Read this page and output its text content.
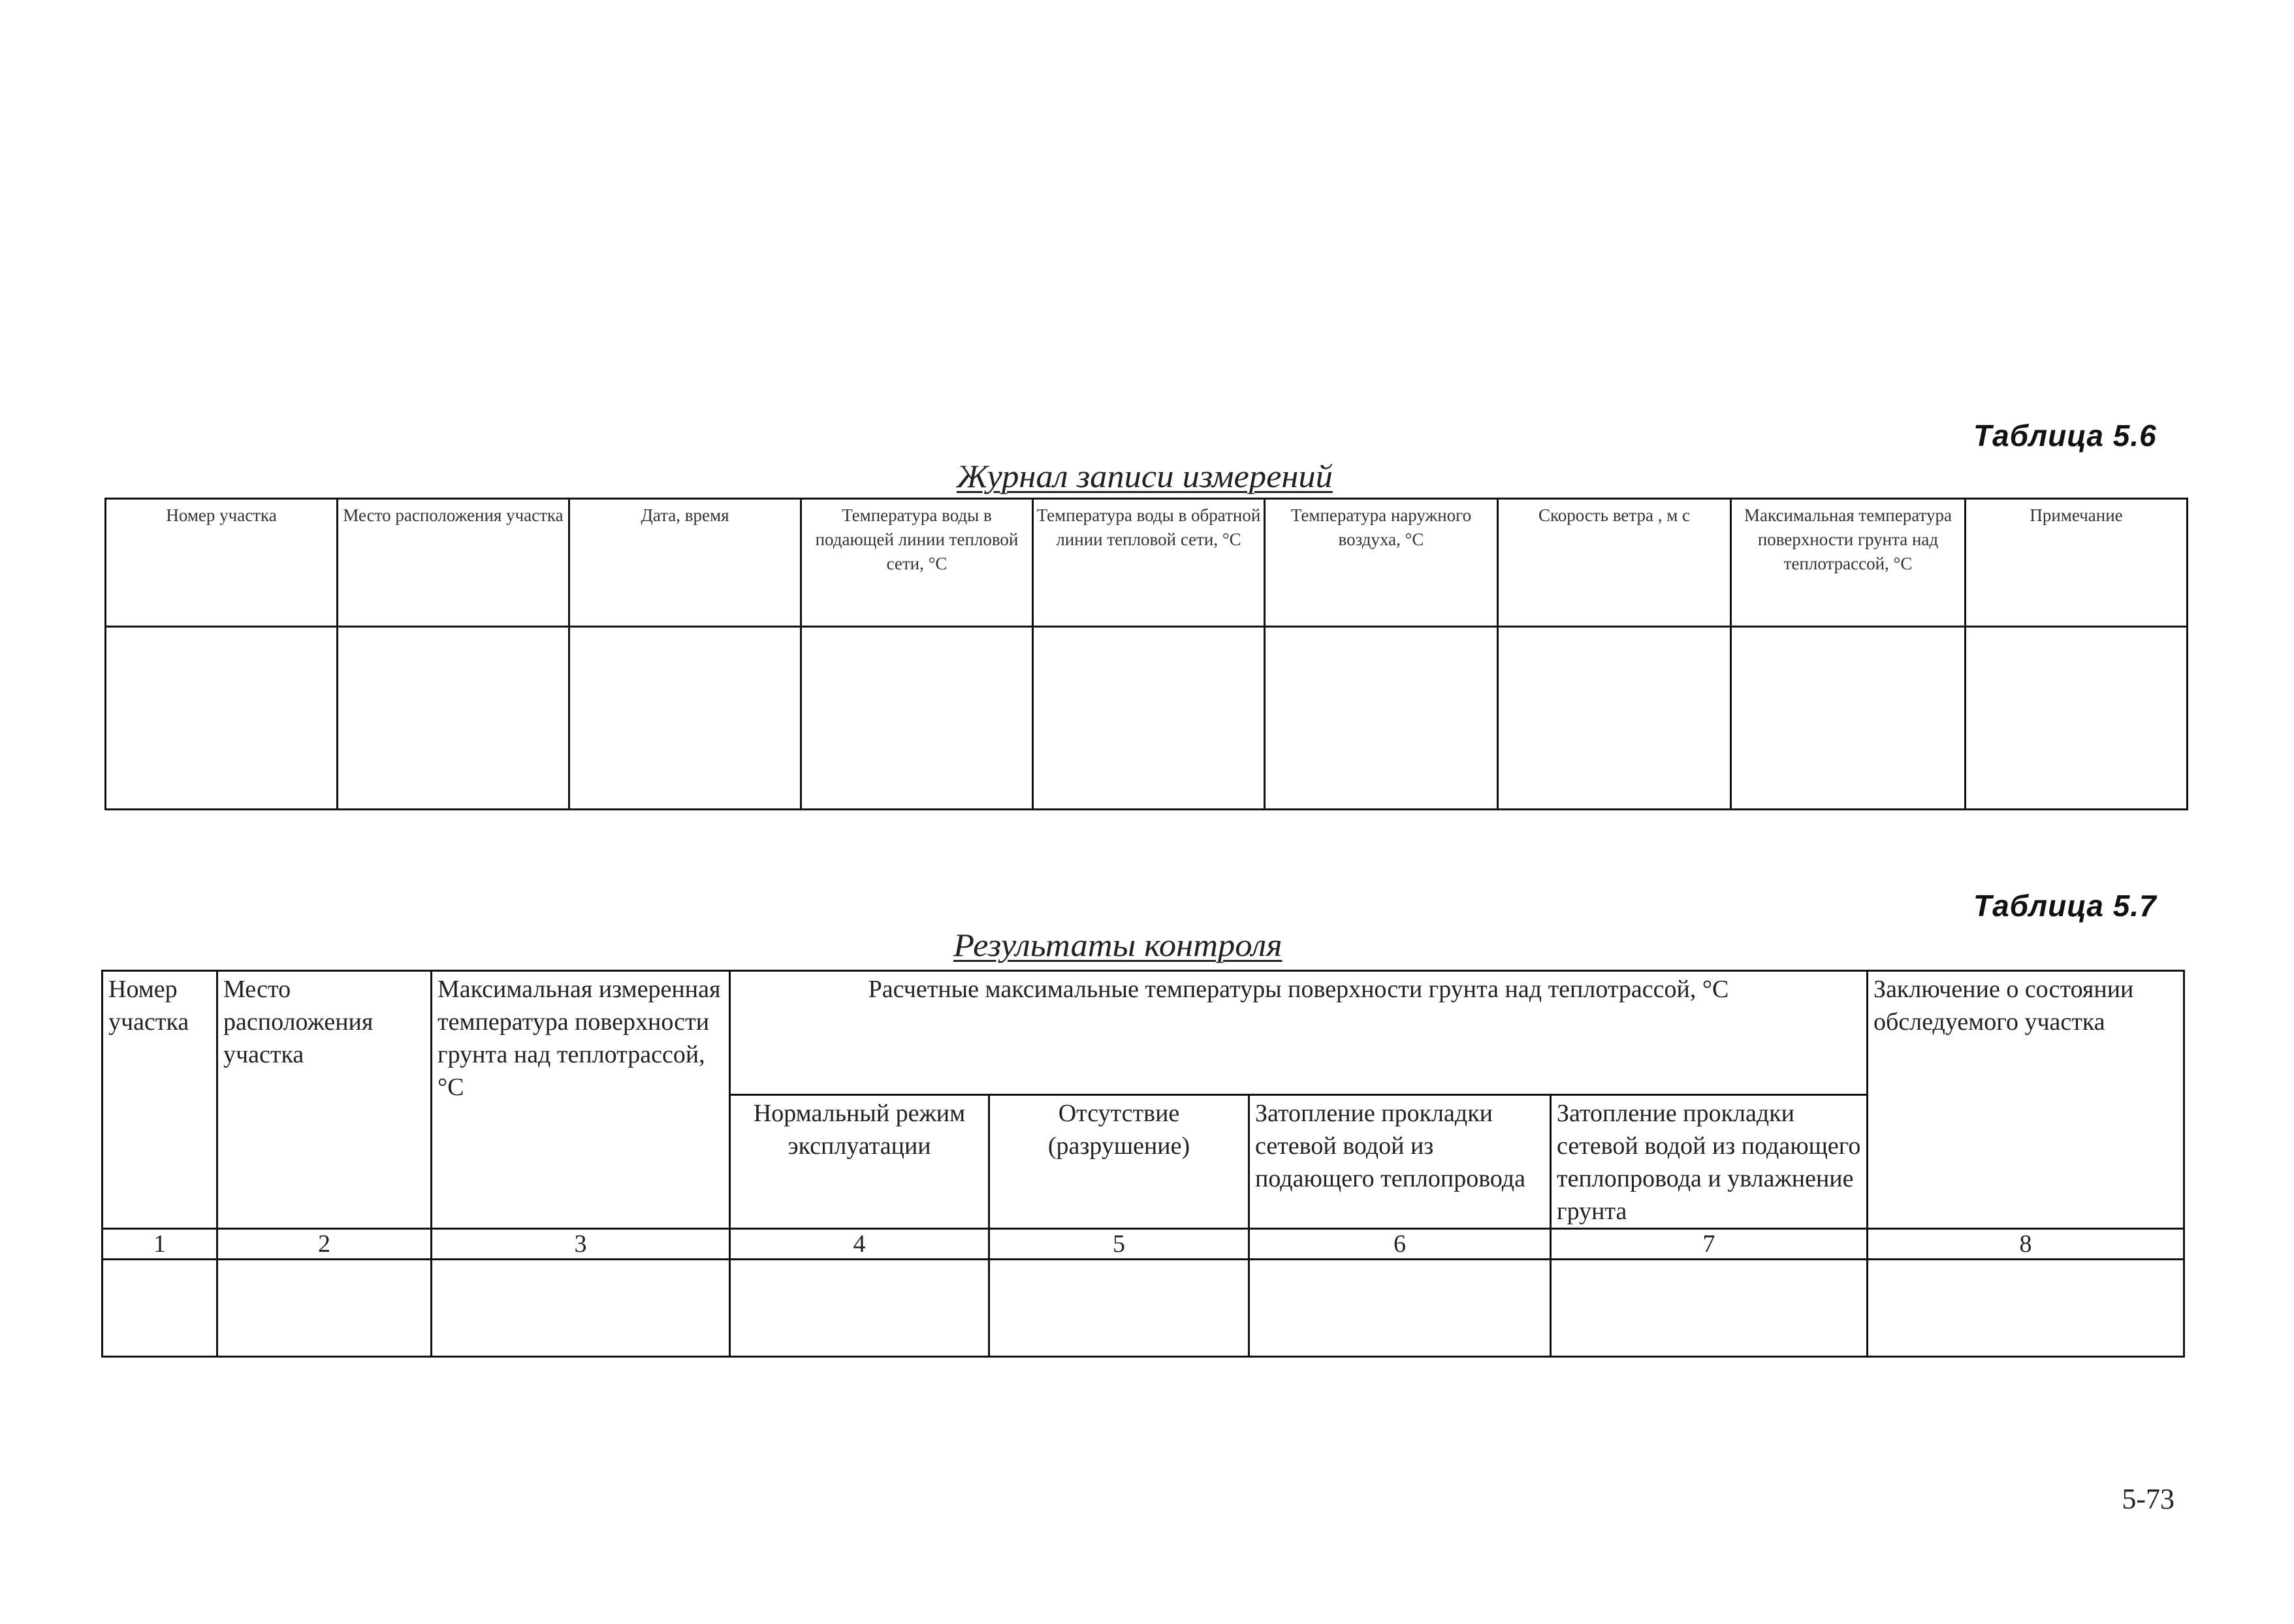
Таблица 5.6
Журнал записи измерений
Номер участка	Место расположения участка	Дата, время	Температура воды в подающей линии тепловой сети, °С	Температура воды в обратной линии тепловой сети, °С	Температура наружного воздуха, °С	Скорость ветра , м с	Максимальная температура поверхности грунта над теплотрассой, °С	Примечание

Таблица 5.7
Результаты контроля
Номер участка	Место расположения участка	Максимальная измеренная температура поверхности грунта над теплотрассой, °С	Расчетные максимальные температуры поверхности грунта над теплотрассой, °С				Заключение о состоянии обследуемого участка
			Нормальный режим эксплуатации	Отсутствие (разрушение)	Затопление прокладки сетевой водой из подающего теплопровода	Затопление прокладки сетевой водой из подающего теплопровода и увлажнение грунта	
1	2	3	4	5	6	7	8

5-73
